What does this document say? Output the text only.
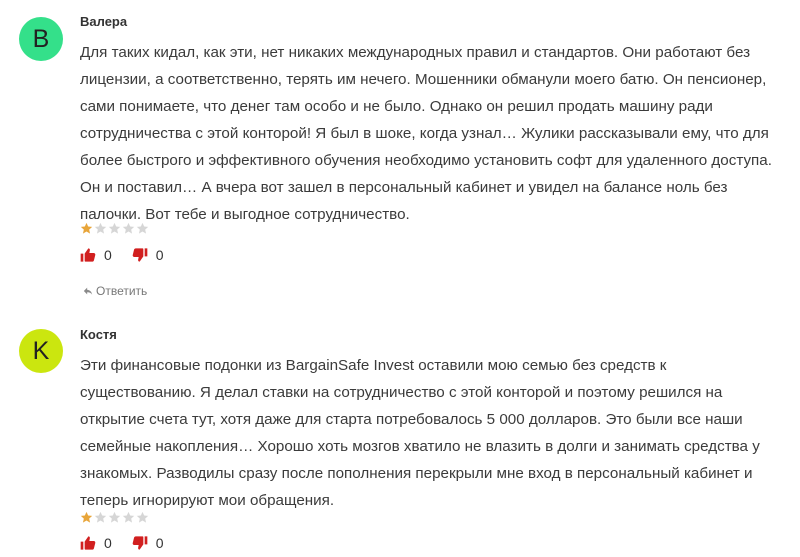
B
Валера

Для таких кидал, как эти, нет никаких международных правил и стандартов. Они работают без лицензии, а соответственно, терять им нечего. Мошенники обманули моего батю. Он пенсионер, сами понимаете, что денег там особо и не было. Однако он решил продать машину ради сотрудничества с этой конторой! Я был в шоке, когда узнал… Жулики рассказывали ему, что для более быстрого и эффективного обучения необходимо установить софт для удаленного доступа. Он и поставил… А вчера вот зашел в персональный кабинет и увидел на балансе ноль без палочки. Вот тебе и выгодное сотрудничество.

0	0
Ответить
K
Костя

Эти финансовые подонки из BargainSafe Invest оставили мою семью без средств к существованию. Я делал ставки на сотрудничество с этой конторой и поэтому решился на открытие счета тут, хотя даже для старта потребовалось 5 000 долларов. Это были все наши семейные накопления… Хорошо хоть мозгов хватило не влазить в долги и занимать средства у знакомых. Разводилы сразу после пополнения перекрыли мне вход в персональный кабинет и теперь игнорируют мои обращения.

0	0
